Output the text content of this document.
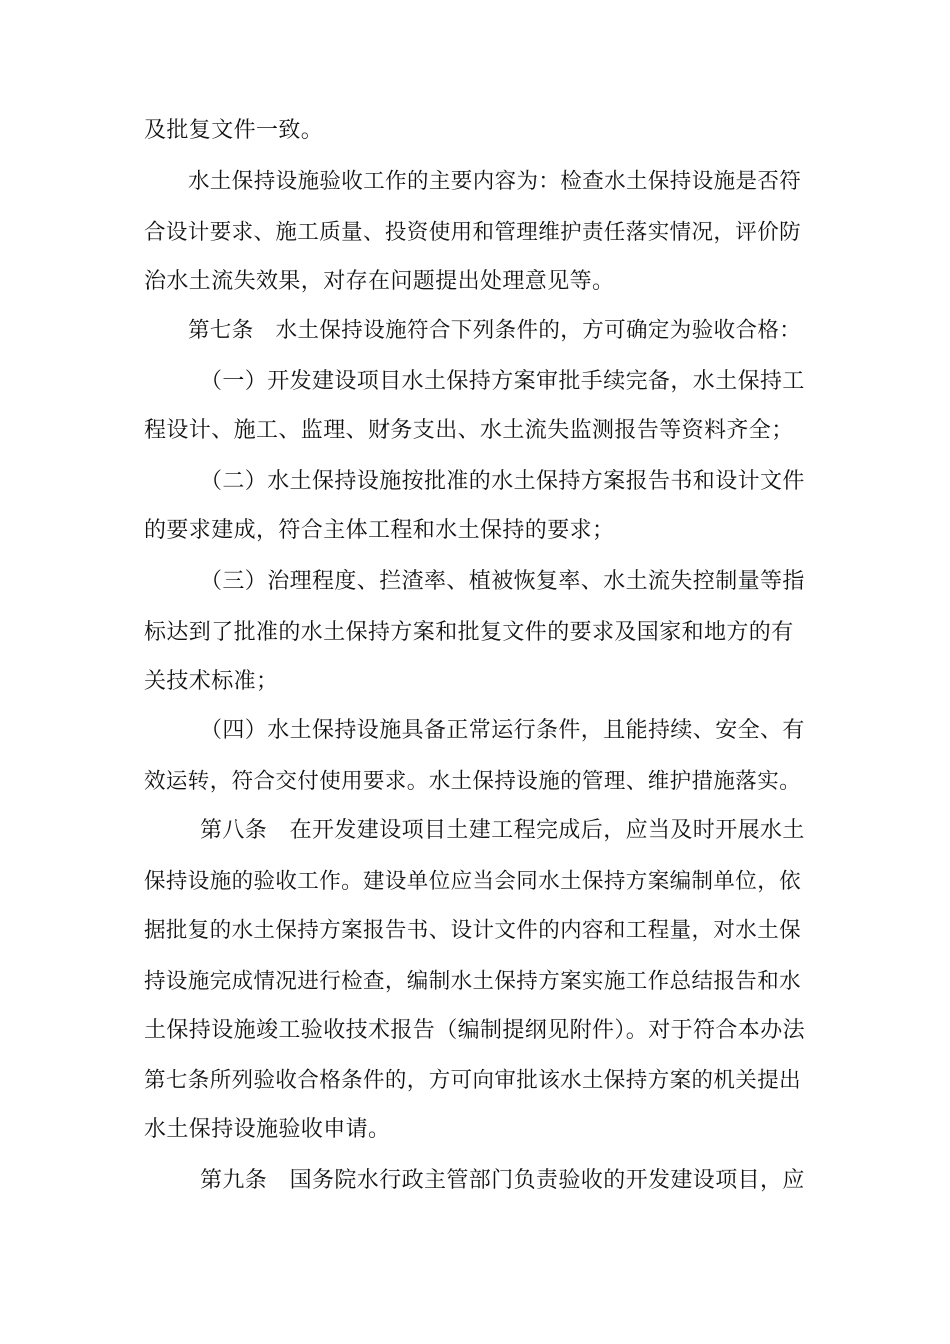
及批复文件一致。
水土保持设施验收工作的主要内容为：检查水土保持设施是否符
合设计要求、施工质量、投资使用和管理维护责任落实情况，评价防
治水土流失效果，对存在问题提出处理意见等。
第七条　水土保持设施符合下列条件的，方可确定为验收合格：
（一）开发建设项目水土保持方案审批手续完备，水土保持工
程设计、施工、监理、财务支出、水土流失监测报告等资料齐全；
（二）水土保持设施按批准的水土保持方案报告书和设计文件
的要求建成，符合主体工程和水土保持的要求；
（三）治理程度、拦渣率、植被恢复率、水土流失控制量等指
标达到了批准的水土保持方案和批复文件的要求及国家和地方的有
关技术标准；
（四）水土保持设施具备正常运行条件，且能持续、安全、有
效运转，符合交付使用要求。水土保持设施的管理、维护措施落实。
第八条　在开发建设项目土建工程完成后，应当及时开展水土
保持设施的验收工作。建设单位应当会同水土保持方案编制单位，依
据批复的水土保持方案报告书、设计文件的内容和工程量，对水土保
持设施完成情况进行检查，编制水土保持方案实施工作总结报告和水
土保持设施竣工验收技术报告（编制提纲见附件）。对于符合本办法
第七条所列验收合格条件的，方可向审批该水土保持方案的机关提出
水土保持设施验收申请。
第九条　国务院水行政主管部门负责验收的开发建设项目，应
